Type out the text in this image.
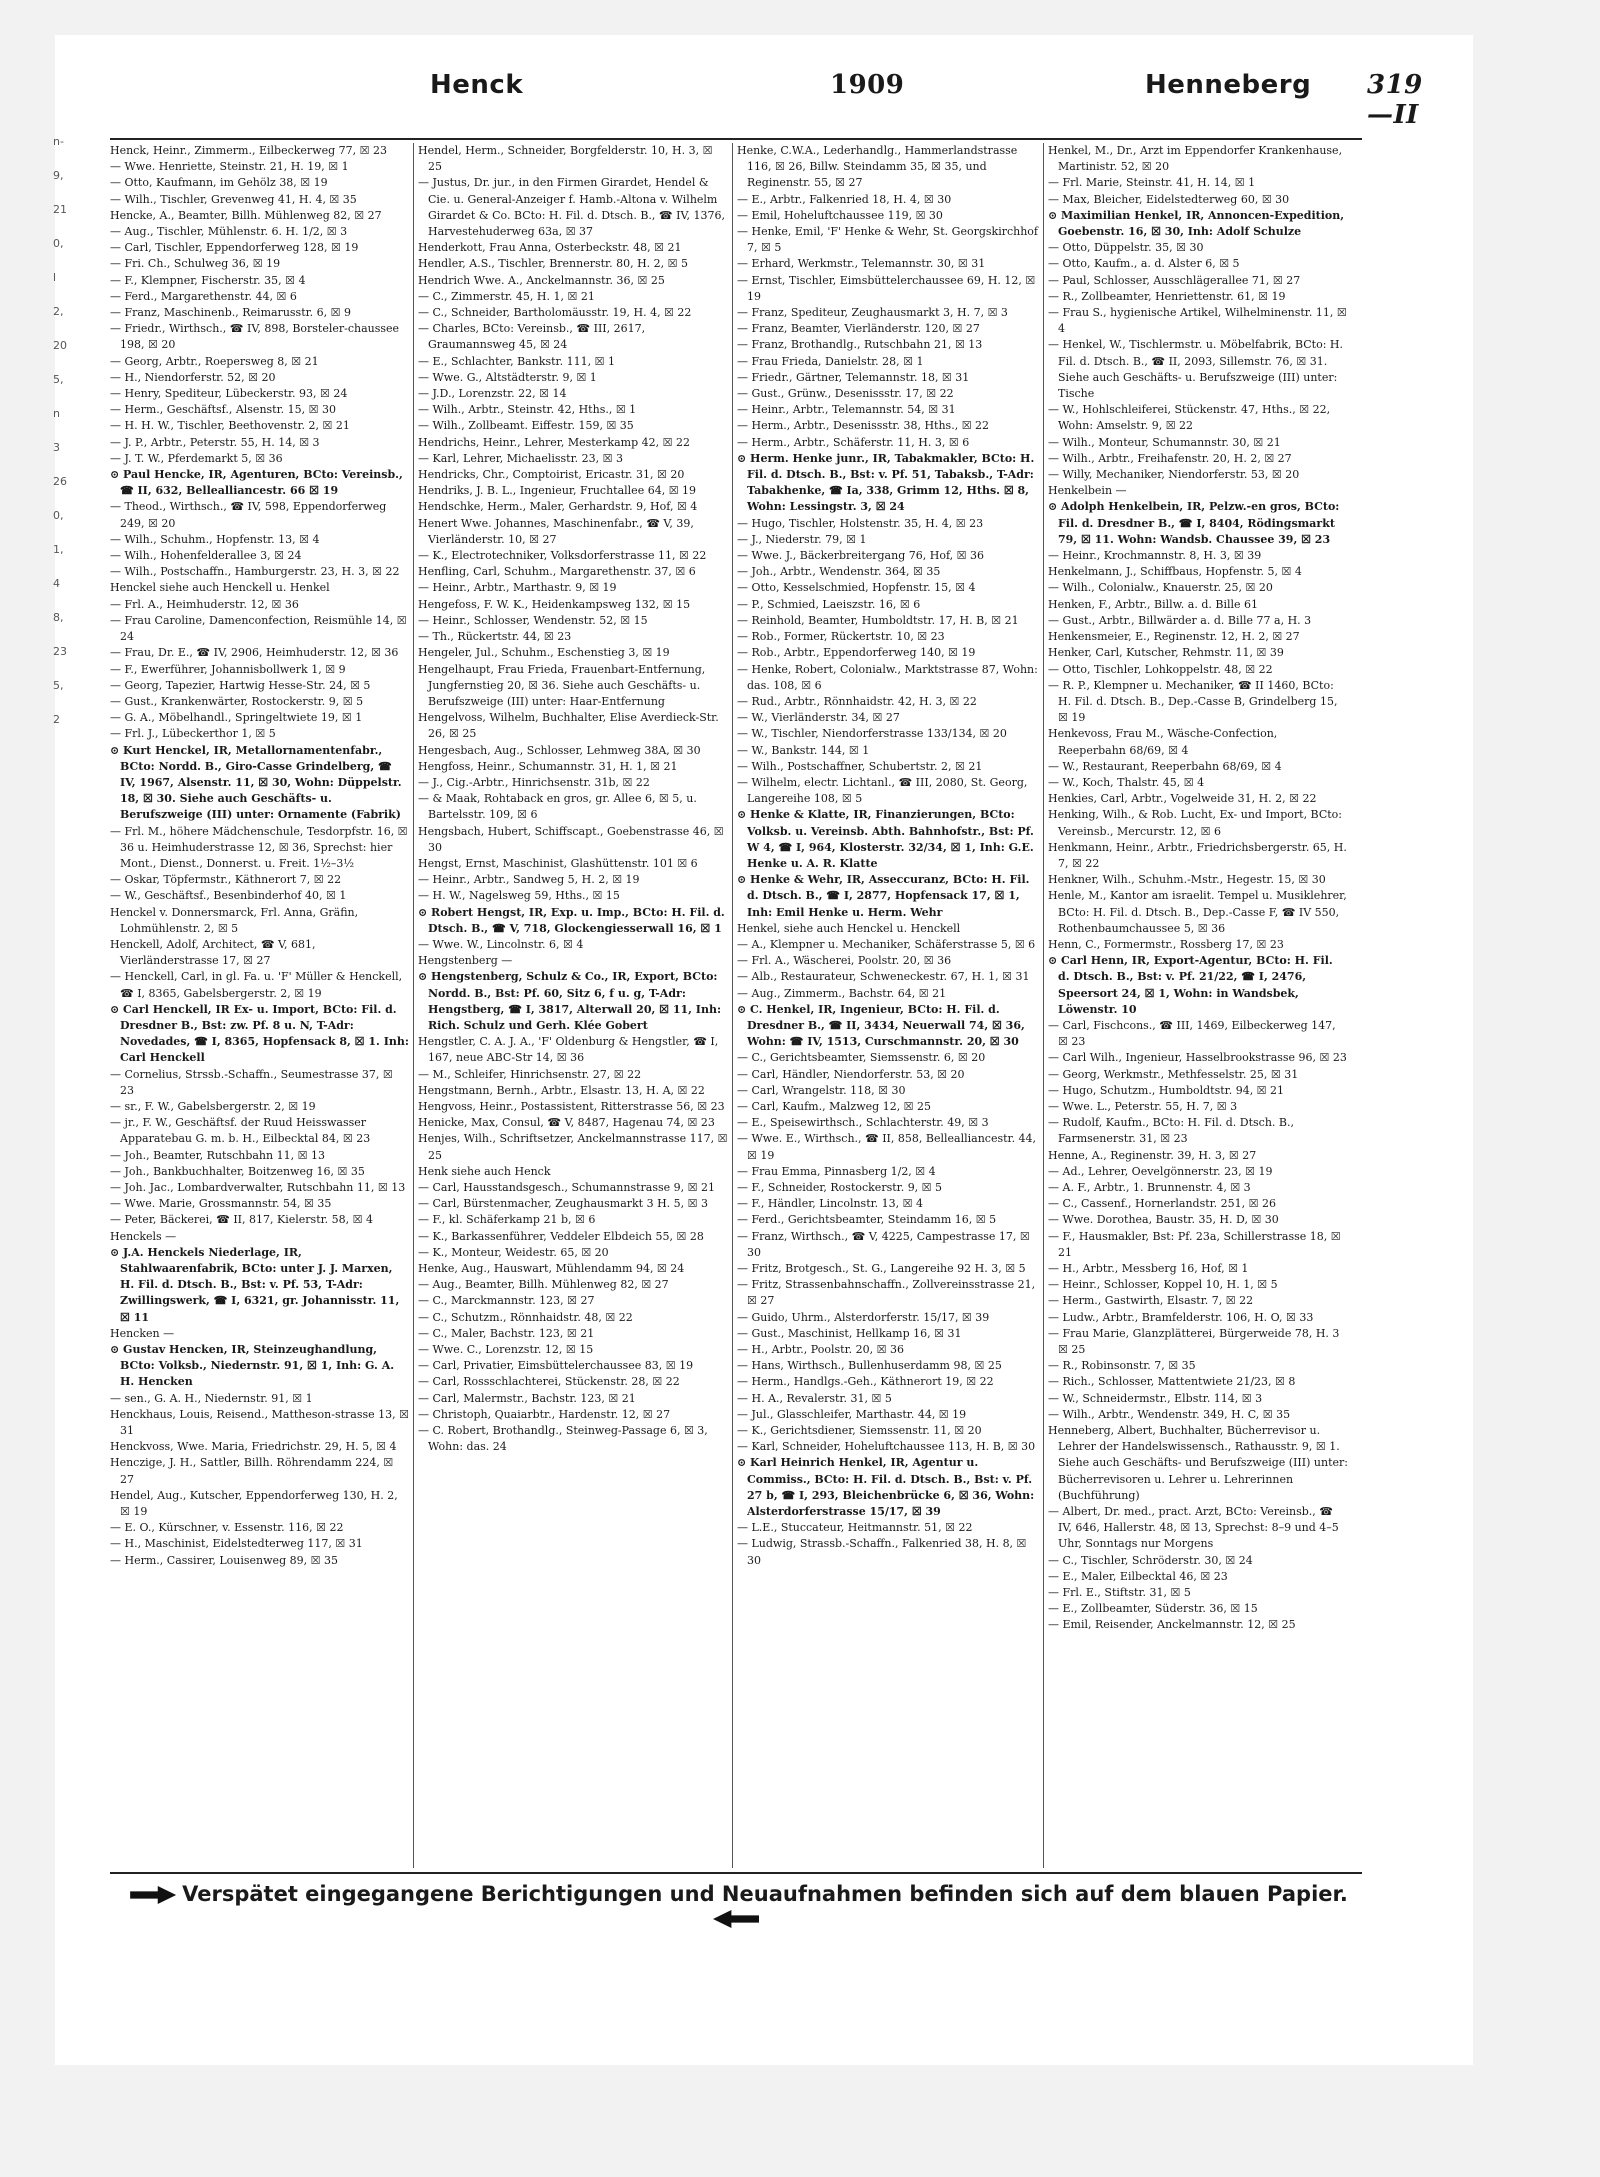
n-
9,
21
0,
l
2,
20
5,
n
3
26
0,
1,
4
8,
23
5,
2
Henck	1909	Henneberg 319—II
Henck, Heinr., Zimmerm., Eilbeckerweg 77, ☒ 23
— Wwe. Henriette, Steinstr. 21, H. 19, ☒ 1
— Otto, Kaufmann, im Gehölz 38, ☒ 19
— Wilh., Tischler, Grevenweg 41, H. 4, ☒ 35
Hencke, A., Beamter, Billh. Mühlenweg 82, ☒ 27
— Aug., Tischler, Mühlenstr. 6. H. 1/2, ☒ 3
— Carl, Tischler, Eppendorferweg 128, ☒ 19
— Fri. Ch., Schulweg 36, ☒ 19
— F., Klempner, Fischerstr. 35, ☒ 4
— Ferd., Margarethenstr. 44, ☒ 6
— Franz, Maschinenb., Reimarusstr. 6, ☒ 9
— Friedr., Wirthsch., ☎ IV, 898, Borsteler-chaussee 198, ☒ 20
— Georg, Arbtr., Roepersweg 8, ☒ 21
— H., Niendorferstr. 52, ☒ 20
— Henry, Spediteur, Lübeckerstr. 93, ☒ 24
— Herm., Geschäftsf., Alsenstr. 15, ☒ 30
— H. H. W., Tischler, Beethovenstr. 2, ☒ 21
— J. P., Arbtr., Peterstr. 55, H. 14, ☒ 3
— J. T. W., Pferdemarkt 5, ☒ 36
⊙ Paul Hencke, IR, Agenturen, BCto: Vereinsb., ☎ II, 632, Bellealliancestr. 66 ☒ 19
— Theod., Wirthsch., ☎ IV, 598, Eppendorferweg 249, ☒ 20
— Wilh., Schuhm., Hopfenstr. 13, ☒ 4
— Wilh., Hohenfelderallee 3, ☒ 24
— Wilh., Postschaffn., Hamburgerstr. 23, H. 3, ☒ 22
Henckel siehe auch Henckell u. Henkel
— Frl. A., Heimhuderstr. 12, ☒ 36
— Frau Caroline, Damenconfection, Reismühle 14, ☒ 24
— Frau, Dr. E., ☎ IV, 2906, Heimhuderstr. 12, ☒ 36
— F., Ewerführer, Johannisbollwerk 1, ☒ 9
— Georg, Tapezier, Hartwig Hesse-Str. 24, ☒ 5
— Gust., Krankenwärter, Rostockerstr. 9, ☒ 5
— G. A., Möbelhandl., Springeltwiete 19, ☒ 1
— Frl. J., Lübeckerthor 1, ☒ 5
⊙ Kurt Henckel, IR, Metallornamentenfabr., BCto: Nordd. B., Giro-Casse Grindelberg, ☎ IV, 1967, Alsenstr. 11, ☒ 30, Wohn: Düppelstr. 18, ☒ 30. Siehe auch Geschäfts- u. Berufszweige (III) unter: Ornamente (Fabrik)
— Frl. M., höhere Mädchenschule, Tesdorpfstr. 16, ☒ 36 u. Heimhuderstrasse 12, ☒ 36, Sprechst: hier Mont., Dienst., Donnerst. u. Freit. 1½–3½
— Oskar, Töpfermstr., Käthnerort 7, ☒ 22
— W., Geschäftsf., Besenbinderhof 40, ☒ 1
Henckel v. Donnersmarck, Frl. Anna, Gräfin, Lohmühlenstr. 2, ☒ 5
Henckell, Adolf, Architect, ☎ V, 681, Vierländerstrasse 17, ☒ 27
— Henckell, Carl, in gl. Fa. u. 'F' Müller & Henckell, ☎ I, 8365, Gabelsbergerstr. 2, ☒ 19
⊙ Carl Henckell, IR Ex- u. Import, BCto: Fil. d. Dresdner B., Bst: zw. Pf. 8 u. N, T-Adr: Novedades, ☎ I, 8365, Hopfensack 8, ☒ 1. Inh: Carl Henckell
— Cornelius, Strssb.-Schaffn., Seumestrasse 37, ☒ 23
— sr., F. W., Gabelsbergerstr. 2, ☒ 19
— jr., F. W., Geschäftsf. der Ruud Heisswasser Apparatebau G. m. b. H., Eilbecktal 84, ☒ 23
— Joh., Beamter, Rutschbahn 11, ☒ 13
— Joh., Bankbuchhalter, Boitzenweg 16, ☒ 35
— Joh. Jac., Lombardverwalter, Rutschbahn 11, ☒ 13
— Wwe. Marie, Grossmannstr. 54, ☒ 35
— Peter, Bäckerei, ☎ II, 817, Kielerstr. 58, ☒ 4
Henckels —
⊙ J.A. Henckels Niederlage, IR, Stahlwaarenfabrik, BCto: unter J. J. Marxen, H. Fil. d. Dtsch. B., Bst: v. Pf. 53, T-Adr: Zwillingswerk, ☎ I, 6321, gr. Johannisstr. 11, ☒ 11
Hencken —
⊙ Gustav Hencken, IR, Steinzeughandlung, BCto: Volksb., Niedernstr. 91, ☒ 1, Inh: G. A. H. Hencken
— sen., G. A. H., Niedernstr. 91, ☒ 1
Henckhaus, Louis, Reisend., Mattheson-strasse 13, ☒ 31
Henckvoss, Wwe. Maria, Friedrichstr. 29, H. 5, ☒ 4
Henczige, J. H., Sattler, Billh. Röhrendamm 224, ☒ 27
Hendel, Aug., Kutscher, Eppendorferweg 130, H. 2, ☒ 19
— E. O., Kürschner, v. Essenstr. 116, ☒ 22
— H., Maschinist, Eidelstedterweg 117, ☒ 31
— Herm., Cassirer, Louisenweg 89, ☒ 35
Hendel, Herm., Schneider, Borgfelderstr. 10, H. 3, ☒ 25
— Justus, Dr. jur., in den Firmen Girardet, Hendel & Cie. u. General-Anzeiger f. Hamb.-Altona v. Wilhelm Girardet & Co. BCto: H. Fil. d. Dtsch. B., ☎ IV, 1376, Harvestehuderweg 63a, ☒ 37
Henderkott, Frau Anna, Osterbeckstr. 48, ☒ 21
Hendler, A.S., Tischler, Brennerstr. 80, H. 2, ☒ 5
Hendrich Wwe. A., Anckelmannstr. 36, ☒ 25
— C., Zimmerstr. 45, H. 1, ☒ 21
— C., Schneider, Bartholomäusstr. 19, H. 4, ☒ 22
— Charles, BCto: Vereinsb., ☎ III, 2617, Graumannsweg 45, ☒ 24
— E., Schlachter, Bankstr. 111, ☒ 1
— Wwe. G., Altstädterstr. 9, ☒ 1
— J.D., Lorenzstr. 22, ☒ 14
— Wilh., Arbtr., Steinstr. 42, Hths., ☒ 1
— Wilh., Zollbeamt. Eiffestr. 159, ☒ 35
Hendrichs, Heinr., Lehrer, Mesterkamp 42, ☒ 22
— Karl, Lehrer, Michaelisstr. 23, ☒ 3
Hendricks, Chr., Comptoirist, Ericastr. 31, ☒ 20
Hendriks, J. B. L., Ingenieur, Fruchtallee 64, ☒ 19
Hendschke, Herm., Maler, Gerhardstr. 9, Hof, ☒ 4
Henert Wwe. Johannes, Maschinenfabr., ☎ V, 39, Vierländerstr. 10, ☒ 27
— K., Electrotechniker, Volksdorferstrasse 11, ☒ 22
Henfling, Carl, Schuhm., Margarethenstr. 37, ☒ 6
— Heinr., Arbtr., Marthastr. 9, ☒ 19
Hengefoss, F. W. K., Heidenkampsweg 132, ☒ 15
— Heinr., Schlosser, Wendenstr. 52, ☒ 15
— Th., Rückertstr. 44, ☒ 23
Hengeler, Jul., Schuhm., Eschenstieg 3, ☒ 19
Hengelhaupt, Frau Frieda, Frauenbart-Entfernung, Jungfernstieg 20, ☒ 36. Siehe auch Geschäfts- u. Berufszweige (III) unter: Haar-Entfernung
Hengelvoss, Wilhelm, Buchhalter, Elise Averdieck-Str. 26, ☒ 25
Hengesbach, Aug., Schlosser, Lehmweg 38A, ☒ 30
Hengfoss, Heinr., Schumannstr. 31, H. 1, ☒ 21
— J., Cig.-Arbtr., Hinrichsenstr. 31b, ☒ 22
— & Maak, Rohtaback en gros, gr. Allee 6, ☒ 5, u. Bartelsstr. 109, ☒ 6
Hengsbach, Hubert, Schiffscapt., Goebenstrasse 46, ☒ 30
Hengst, Ernst, Maschinist, Glashüttenstr. 101 ☒ 6
— Heinr., Arbtr., Sandweg 5, H. 2, ☒ 19
— H. W., Nagelsweg 59, Hths., ☒ 15
⊙ Robert Hengst, IR, Exp. u. Imp., BCto: H. Fil. d. Dtsch. B., ☎ V, 718, Glockengiesserwall 16, ☒ 1
— Wwe. W., Lincolnstr. 6, ☒ 4
Hengstenberg —
⊙ Hengstenberg, Schulz & Co., IR, Export, BCto: Nordd. B., Bst: Pf. 60, Sitz 6, f u. g, T-Adr: Hengstberg, ☎ I, 3817, Alterwall 20, ☒ 11, Inh: Rich. Schulz und Gerh. Klée Gobert
Hengstler, C. A. J. A., 'F' Oldenburg & Hengstler, ☎ I, 167, neue ABC-Str 14, ☒ 36
— M., Schleifer, Hinrichsenstr. 27, ☒ 22
Hengstmann, Bernh., Arbtr., Elsastr. 13, H. A, ☒ 22
Hengvoss, Heinr., Postassistent, Ritterstrasse 56, ☒ 23
Henicke, Max, Consul, ☎ V, 8487, Hagenau 74, ☒ 23
Henjes, Wilh., Schriftsetzer, Anckelmannstrasse 117, ☒ 25
Henk siehe auch Henck
— Carl, Hausstandsgesch., Schumannstrasse 9, ☒ 21
— Carl, Bürstenmacher, Zeughausmarkt 3 H. 5, ☒ 3
— F., kl. Schäferkamp 21 b, ☒ 6
— K., Barkassenführer, Veddeler Elbdeich 55, ☒ 28
— K., Monteur, Weidestr. 65, ☒ 20
Henke, Aug., Hauswart, Mühlendamm 94, ☒ 24
— Aug., Beamter, Billh. Mühlenweg 82, ☒ 27
— C., Marckmannstr. 123, ☒ 27
— C., Schutzm., Rönnhaidstr. 48, ☒ 22
— C., Maler, Bachstr. 123, ☒ 21
— Wwe. C., Lorenzstr. 12, ☒ 15
— Carl, Privatier, Eimsbüttelerchaussee 83, ☒ 19
— Carl, Rossschlachterei, Stückenstr. 28, ☒ 22
— Carl, Malermstr., Bachstr. 123, ☒ 21
— Christoph, Quaiarbtr., Hardenstr. 12, ☒ 27
— C. Robert, Brothandlg., Steinweg-Passage 6, ☒ 3, Wohn: das. 24
Henke, C.W.A., Lederhandlg., Hammerlandstrasse 116, ☒ 26, Billw. Steindamm 35, ☒ 35, und Reginenstr. 55, ☒ 27
— E., Arbtr., Falkenried 18, H. 4, ☒ 30
— Emil, Hoheluftchaussee 119, ☒ 30
— Henke, Emil, 'F' Henke & Wehr, St. Georgskirchhof 7, ☒ 5
— Erhard, Werkmstr., Telemannstr. 30, ☒ 31
— Ernst, Tischler, Eimsbüttelerchaussee 69, H. 12, ☒ 19
— Franz, Spediteur, Zeughausmarkt 3, H. 7, ☒ 3
— Franz, Beamter, Vierländerstr. 120, ☒ 27
— Franz, Brothandlg., Rutschbahn 21, ☒ 13
— Frau Frieda, Danielstr. 28, ☒ 1
— Friedr., Gärtner, Telemannstr. 18, ☒ 31
— Gust., Grünw., Desenissstr. 17, ☒ 22
— Heinr., Arbtr., Telemannstr. 54, ☒ 31
— Herm., Arbtr., Desenissstr. 38, Hths., ☒ 22
— Herm., Arbtr., Schäferstr. 11, H. 3, ☒ 6
⊙ Herm. Henke junr., IR, Tabakmakler, BCto: H. Fil. d. Dtsch. B., Bst: v. Pf. 51, Tabaksb., T-Adr: Tabakhenke, ☎ Ia, 338, Grimm 12, Hths. ☒ 8, Wohn: Lessingstr. 3, ☒ 24
— Hugo, Tischler, Holstenstr. 35, H. 4, ☒ 23
— J., Niederstr. 79, ☒ 1
— Wwe. J., Bäckerbreitergang 76, Hof, ☒ 36
— Joh., Arbtr., Wendenstr. 364, ☒ 35
— Otto, Kesselschmied, Hopfenstr. 15, ☒ 4
— P., Schmied, Laeiszstr. 16, ☒ 6
— Reinhold, Beamter, Humboldtstr. 17, H. B, ☒ 21
— Rob., Former, Rückertstr. 10, ☒ 23
— Rob., Arbtr., Eppendorferweg 140, ☒ 19
— Henke, Robert, Colonialw., Marktstrasse 87, Wohn: das. 108, ☒ 6
— Rud., Arbtr., Rönnhaidstr. 42, H. 3, ☒ 22
— W., Vierländerstr. 34, ☒ 27
— W., Tischler, Niendorferstrasse 133/134, ☒ 20
— W., Bankstr. 144, ☒ 1
— Wilh., Postschaffner, Schubertstr. 2, ☒ 21
— Wilhelm, electr. Lichtanl., ☎ III, 2080, St. Georg, Langereihe 108, ☒ 5
⊙ Henke & Klatte, IR, Finanzierungen, BCto: Volksb. u. Vereinsb. Abth. Bahnhofstr., Bst: Pf. W 4, ☎ I, 964, Klosterstr. 32/34, ☒ 1, Inh: G.E. Henke u. A. R. Klatte
⊙ Henke & Wehr, IR, Asseccuranz, BCto: H. Fil. d. Dtsch. B., ☎ I, 2877, Hopfensack 17, ☒ 1, Inh: Emil Henke u. Herm. Wehr
Henkel, siehe auch Henckel u. Henckell
— A., Klempner u. Mechaniker, Schäferstrasse 5, ☒ 6
— Frl. A., Wäscherei, Poolstr. 20, ☒ 36
— Alb., Restaurateur, Schweneckestr. 67, H. 1, ☒ 31
— Aug., Zimmerm., Bachstr. 64, ☒ 21
⊙ C. Henkel, IR, Ingenieur, BCto: H. Fil. d. Dresdner B., ☎ II, 3434, Neuerwall 74, ☒ 36, Wohn: ☎ IV, 1513, Curschmannstr. 20, ☒ 30
— C., Gerichtsbeamter, Siemssenstr. 6, ☒ 20
— Carl, Händler, Niendorferstr. 53, ☒ 20
— Carl, Wrangelstr. 118, ☒ 30
— Carl, Kaufm., Malzweg 12, ☒ 25
— E., Speisewirthsch., Schlachterstr. 49, ☒ 3
— Wwe. E., Wirthsch., ☎ II, 858, Bellealliancestr. 44, ☒ 19
— Frau Emma, Pinnasberg 1/2, ☒ 4
— F., Schneider, Rostockerstr. 9, ☒ 5
— F., Händler, Lincolnstr. 13, ☒ 4
— Ferd., Gerichtsbeamter, Steindamm 16, ☒ 5
— Franz, Wirthsch., ☎ V, 4225, Campestrasse 17, ☒ 30
— Fritz, Brotgesch., St. G., Langereihe 92 H. 3, ☒ 5
— Fritz, Strassenbahnschaffn., Zollvereinsstrasse 21, ☒ 27
— Guido, Uhrm., Alsterdorferstr. 15/17, ☒ 39
— Gust., Maschinist, Hellkamp 16, ☒ 31
— H., Arbtr., Poolstr. 20, ☒ 36
— Hans, Wirthsch., Bullenhuserdamm 98, ☒ 25
— Herm., Handlgs.-Geh., Käthnerort 19, ☒ 22
— H. A., Revalerstr. 31, ☒ 5
— Jul., Glasschleifer, Marthastr. 44, ☒ 19
— K., Gerichtsdiener, Siemssenstr. 11, ☒ 20
— Karl, Schneider, Hoheluftchaussee 113, H. B, ☒ 30
⊙ Karl Heinrich Henkel, IR, Agentur u. Commiss., BCto: H. Fil. d. Dtsch. B., Bst: v. Pf. 27 b, ☎ I, 293, Bleichenbrücke 6, ☒ 36, Wohn: Alsterdorferstrasse 15/17, ☒ 39
— L.E., Stuccateur, Heitmannstr. 51, ☒ 22
— Ludwig, Strassb.-Schaffn., Falkenried 38, H. 8, ☒ 30
Henkel, M., Dr., Arzt im Eppendorfer Krankenhause, Martinistr. 52, ☒ 20
— Frl. Marie, Steinstr. 41, H. 14, ☒ 1
— Max, Bleicher, Eidelstedterweg 60, ☒ 30
⊙ Maximilian Henkel, IR, Annoncen-Expedition, Goebenstr. 16, ☒ 30, Inh: Adolf Schulze
— Otto, Düppelstr. 35, ☒ 30
— Otto, Kaufm., a. d. Alster 6, ☒ 5
— Paul, Schlosser, Ausschlägerallee 71, ☒ 27
— R., Zollbeamter, Henriettenstr. 61, ☒ 19
— Frau S., hygienische Artikel, Wilhelminenstr. 11, ☒ 4
— Henkel, W., Tischlermstr. u. Möbelfabrik, BCto: H. Fil. d. Dtsch. B., ☎ II, 2093, Sillemstr. 76, ☒ 31. Siehe auch Geschäfts- u. Berufszweige (III) unter: Tische
— W., Hohlschleiferei, Stückenstr. 47, Hths., ☒ 22, Wohn: Amselstr. 9, ☒ 22
— Wilh., Monteur, Schumannstr. 30, ☒ 21
— Wilh., Arbtr., Freihafenstr. 20, H. 2, ☒ 27
— Willy, Mechaniker, Niendorferstr. 53, ☒ 20
Henkelbein —
⊙ Adolph Henkelbein, IR, Pelzw.-en gros, BCto: Fil. d. Dresdner B., ☎ I, 8404, Rödingsmarkt 79, ☒ 11. Wohn: Wandsb. Chaussee 39, ☒ 23
— Heinr., Krochmannstr. 8, H. 3, ☒ 39
Henkelmann, J., Schiffbaus, Hopfenstr. 5, ☒ 4
— Wilh., Colonialw., Knauerstr. 25, ☒ 20
Henken, F., Arbtr., Billw. a. d. Bille 61
— Gust., Arbtr., Billwärder a. d. Bille 77 a, H. 3
Henkensmeier, E., Reginenstr. 12, H. 2, ☒ 27
Henker, Carl, Kutscher, Rehmstr. 11, ☒ 39
— Otto, Tischler, Lohkoppelstr. 48, ☒ 22
— R. P., Klempner u. Mechaniker, ☎ II 1460, BCto: H. Fil. d. Dtsch. B., Dep.-Casse B, Grindelberg 15, ☒ 19
Henkevoss, Frau M., Wäsche-Confection, Reeperbahn 68/69, ☒ 4
— W., Restaurant, Reeperbahn 68/69, ☒ 4
— W., Koch, Thalstr. 45, ☒ 4
Henkies, Carl, Arbtr., Vogelweide 31, H. 2, ☒ 22
Henking, Wilh., & Rob. Lucht, Ex- und Import, BCto: Vereinsb., Mercurstr. 12, ☒ 6
Henkmann, Heinr., Arbtr., Friedrichsbergerstr. 65, H. 7, ☒ 22
Henkner, Wilh., Schuhm.-Mstr., Hegestr. 15, ☒ 30
Henle, M., Kantor am israelit. Tempel u. Musiklehrer, BCto: H. Fil. d. Dtsch. B., Dep.-Casse F, ☎ IV 550, Rothenbaumchaussee 5, ☒ 36
Henn, C., Formermstr., Rossberg 17, ☒ 23
⊙ Carl Henn, IR, Export-Agentur, BCto: H. Fil. d. Dtsch. B., Bst: v. Pf. 21/22, ☎ I, 2476, Speersort 24, ☒ 1, Wohn: in Wandsbek, Löwenstr. 10
— Carl, Fischcons., ☎ III, 1469, Eilbeckerweg 147, ☒ 23
— Carl Wilh., Ingenieur, Hasselbrookstrasse 96, ☒ 23
— Georg, Werkmstr., Methfesselstr. 25, ☒ 31
— Hugo, Schutzm., Humboldtstr. 94, ☒ 21
— Wwe. L., Peterstr. 55, H. 7, ☒ 3
— Rudolf, Kaufm., BCto: H. Fil. d. Dtsch. B., Farmsenerstr. 31, ☒ 23
Henne, A., Reginenstr. 39, H. 3, ☒ 27
— Ad., Lehrer, Oevelgönnerstr. 23, ☒ 19
— A. F., Arbtr., 1. Brunnenstr. 4, ☒ 3
— C., Cassenf., Hornerlandstr. 251, ☒ 26
— Wwe. Dorothea, Baustr. 35, H. D, ☒ 30
— F., Hausmakler, Bst: Pf. 23a, Schillerstrasse 18, ☒ 21
— H., Arbtr., Messberg 16, Hof, ☒ 1
— Heinr., Schlosser, Koppel 10, H. 1, ☒ 5
— Herm., Gastwirth, Elsastr. 7, ☒ 22
— Ludw., Arbtr., Bramfelderstr. 106, H. O, ☒ 33
— Frau Marie, Glanzplätterei, Bürgerweide 78, H. 3 ☒ 25
— R., Robinsonstr. 7, ☒ 35
— Rich., Schlosser, Mattentwiete 21/23, ☒ 8
— W., Schneidermstr., Elbstr. 114, ☒ 3
— Wilh., Arbtr., Wendenstr. 349, H. C, ☒ 35
Henneberg, Albert, Buchhalter, Bücherrevisor u. Lehrer der Handelswissensch., Rathausstr. 9, ☒ 1. Siehe auch Geschäfts- und Berufszweige (III) unter: Bücherrevisoren u. Lehrer u. Lehrerinnen (Buchführung)
— Albert, Dr. med., pract. Arzt, BCto: Vereinsb., ☎ IV, 646, Hallerstr. 48, ☒ 13, Sprechst: 8–9 und 4–5 Uhr, Sonntags nur Morgens
— C., Tischler, Schröderstr. 30, ☒ 24
— E., Maler, Eilbecktal 46, ☒ 23
— Frl. E., Stiftstr. 31, ☒ 5
— E., Zollbeamter, Süderstr. 36, ☒ 15
— Emil, Reisender, Anckelmannstr. 12, ☒ 25
Verspätet eingegangene Berichtigungen und Neuaufnahmen befinden sich auf dem blauen Papier.
